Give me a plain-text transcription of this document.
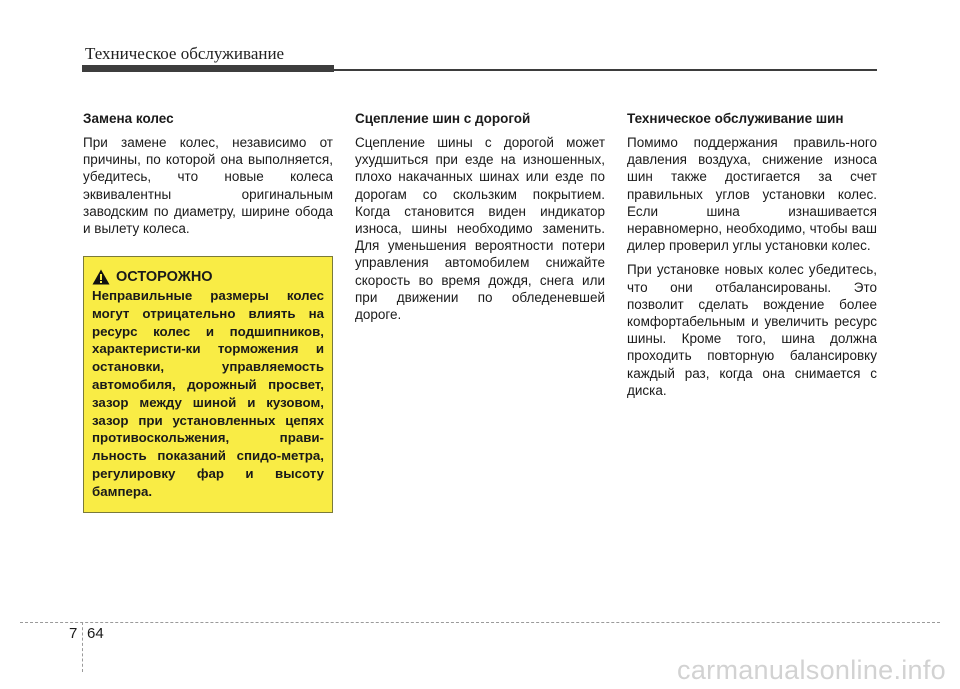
Техническое обслуживание
Замена колес

При замене колес, независимо от причины, по которой она выполняется, убедитесь, что новые колеса эквивалентны оригинальным заводским по диаметру, ширине обода и вылету колеса.

ОСТОРОЖНО

Неправильные размеры колес могут отрицательно влиять на ресурс колес и подшипников, характеристи-ки торможения и остановки, управляемость автомобиля, дорожный просвет, зазор между шиной и кузовом, зазор при установленных цепях противоскольжения, прави-льность показаний спидо-метра, регулировку фар и высоту бампера.

Сцепление шин с дорогой

Сцепление шины с дорогой может ухудшиться при езде на изношенных, плохо накачанных шинах или езде по дорогам со скользким покрытием. Когда становится виден индикатор износа, шины необходимо заменить. Для уменьшения вероятности потери управления автомобилем снижайте скорость во время дождя, снега или при движении по обледеневшей дороге.

Техническое обслуживание шин

Помимо поддержания правиль-ного давления воздуха, снижение износа шин также достигается за счет правильных углов установки колес. Если шина изнашивается неравномерно, необходимо, чтобы ваш дилер проверил углы установки колес.

При установке новых колес убедитесь, что они отбалансированы. Это позволит сделать вождение более комфортабельным и увеличить ресурс шины. Кроме того, шина должна проходить повторную балансировку каждый раз, когда она снимается с диска.

7 64
carmanualsonline.info
